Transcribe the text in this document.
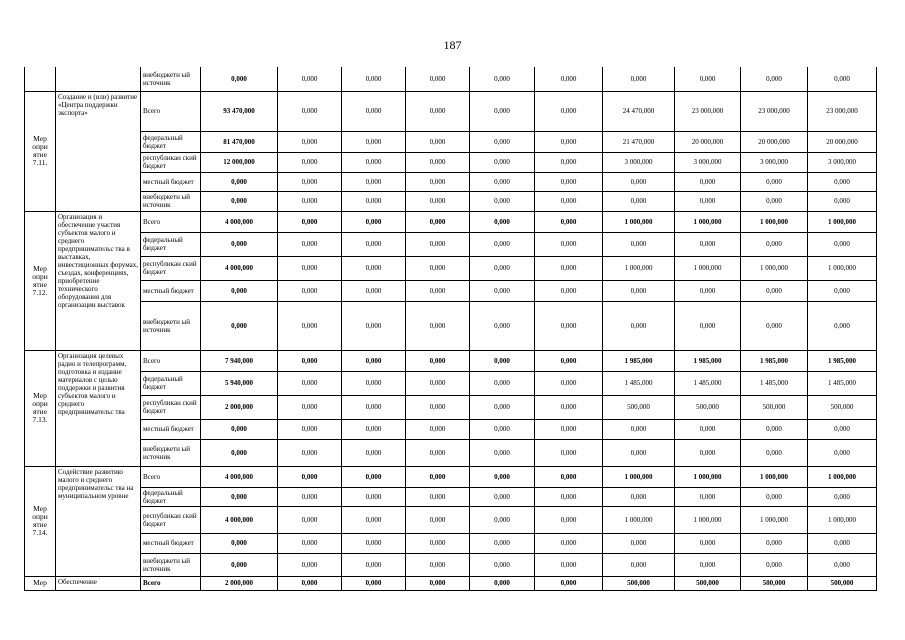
187
		внебюджетн ый источник	0,000	0,000	0,000	0,000	0,000	0,000	0,000	0,000	0,000	0,000
Мер опри ятие 7.11.	Создание и (или) развитие «Центра поддержки экспорта»	Всего	93 470,000	0,000	0,000	0,000	0,000	0,000	24 470,000	23 000,000	23 000,000	23 000,000
		федеральный бюджет	81 470,000	0,000	0,000	0,000	0,000	0,000	21 470,000	20 000,000	20 000,000	20 000,000
		республикан ский бюджет	12 000,000	0,000	0,000	0,000	0,000	0,000	3 000,000	3 000,000	3 000,000	3 000,000
		местный бюджет	0,000	0,000	0,000	0,000	0,000	0,000	0,000	0,000	0,000	0,000
		внебюджетн ый источник	0,000	0,000	0,000	0,000	0,000	0,000	0,000	0,000	0,000	0,000
Мер опри ятие 7.12.	Организация и обеспечение участия субъектов малого и среднего предпринимательс тва в выставках, инвестиционных форумах, съездах, конференциях, приобретение технического оборудования для организации выставок	Всего	4 000,000	0,000	0,000	0,000	0,000	0,000	1 000,000	1 000,000	1 000,000	1 000,000
		федеральный бюджет	0,000	0,000	0,000	0,000	0,000	0,000	0,000	0,000	0,000	0,000
		республикан ский бюджет	4 000,000	0,000	0,000	0,000	0,000	0,000	1 000,000	1 000,000	1 000,000	1 000,000
		местный бюджет	0,000	0,000	0,000	0,000	0,000	0,000	0,000	0,000	0,000	0,000
		внебюджетн ый источник	0,000	0,000	0,000	0,000	0,000	0,000	0,000	0,000	0,000	0,000
Мер опри ятие 7.13.	Организация целевых радио и телепрограмм, подготовка и издание материалов с целью поддержки и развития субъектов малого и среднего предпринимательс тва	Всего	7 940,000	0,000	0,000	0,000	0,000	0,000	1 985,000	1 985,000	1 985,000	1 985,000
		федеральный бюджет	5 940,000	0,000	0,000	0,000	0,000	0,000	1 485,000	1 485,000	1 485,000	1 485,000
		республикан ский бюджет	2 000,000	0,000	0,000	0,000	0,000	0,000	500,000	500,000	500,000	500,000
		местный бюджет	0,000	0,000	0,000	0,000	0,000	0,000	0,000	0,000	0,000	0,000
		внебюджетн ый источник	0,000	0,000	0,000	0,000	0,000	0,000	0,000	0,000	0,000	0,000
Мер опри ятие 7.14.	Содействие развитию малого и среднего предпринимательс тва на муниципальном уровне	Всего	4 000,000	0,000	0,000	0,000	0,000	0,000	1 000,000	1 000,000	1 000,000	1 000,000
		федеральный бюджет	0,000	0,000	0,000	0,000	0,000	0,000	0,000	0,000	0,000	0,000
		республикан ский бюджет	4 000,000	0,000	0,000	0,000	0,000	0,000	1 000,000	1 000,000	1 000,000	1 000,000
		местный бюджет	0,000	0,000	0,000	0,000	0,000	0,000	0,000	0,000	0,000	0,000
		внебюджетн ый источник	0,000	0,000	0,000	0,000	0,000	0,000	0,000	0,000	0,000	0,000
Мер	Обеспечение	Всего	2 000,000	0,000	0,000	0,000	0,000	0,000	500,000	500,000	500,000	500,000
